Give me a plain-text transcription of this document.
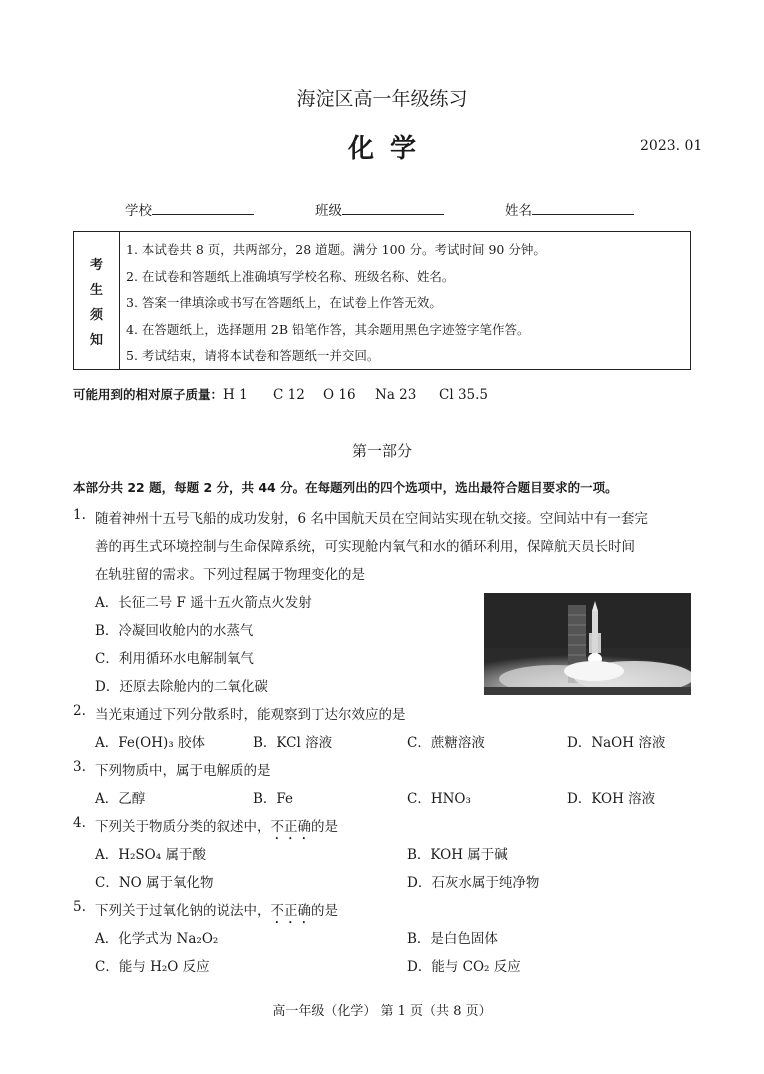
海淀区高一年级练习
化学	2023. 01
学校	班级	姓名
考
生
须
知
1. 本试卷共 8 页，共两部分，28 道题。满分 100 分。考试时间 90 分钟。
2. 在试卷和答题纸上准确填写学校名称、班级名称、姓名。
3. 答案一律填涂或书写在答题纸上，在试卷上作答无效。
4. 在答题纸上，选择题用 2B 铅笔作答，其余题用黑色字迹签字笔作答。
5. 考试结束，请将本试卷和答题纸一并交回。
可能用到的相对原子质量：H 1 C 12 O 16 Na 23 Cl 35.5
第一部分
本部分共 22 题，每题 2 分，共 44 分。在每题列出的四个选项中，选出最符合题目要求的一项。
1. 随着神州十五号飞船的成功发射，6 名中国航天员在空间站实现在轨交接。空间站中有一套完
善的再生式环境控制与生命保障系统，可实现舱内氧气和水的循环利用，保障航天员长时间
在轨驻留的需求。下列过程属于物理变化的是
A．长征二号 F 遥十五火箭点火发射
B．冷凝回收舱内的水蒸气
C．利用循环水电解制氧气
D．还原去除舱内的二氧化碳
2. 当光束通过下列分散系时，能观察到丁达尔效应的是
A．Fe(OH)₃ 胶体	B．KCl 溶液	C．蔗糖溶液	D．NaOH 溶液
3. 下列物质中，属于电解质的是
A．乙醇	B．Fe	C．HNO₃	D．KOH 溶液
4. 下列关于物质分类的叙述中，不正确的是
A．H₂SO₄ 属于酸	B．KOH 属于碱
C．NO 属于氧化物	D．石灰水属于纯净物
5. 下列关于过氧化钠的说法中，不正确的是
A．化学式为 Na₂O₂	B．是白色固体
C．能与 H₂O 反应	D．能与 CO₂ 反应
高一年级（化学） 第 1 页（共 8 页）
